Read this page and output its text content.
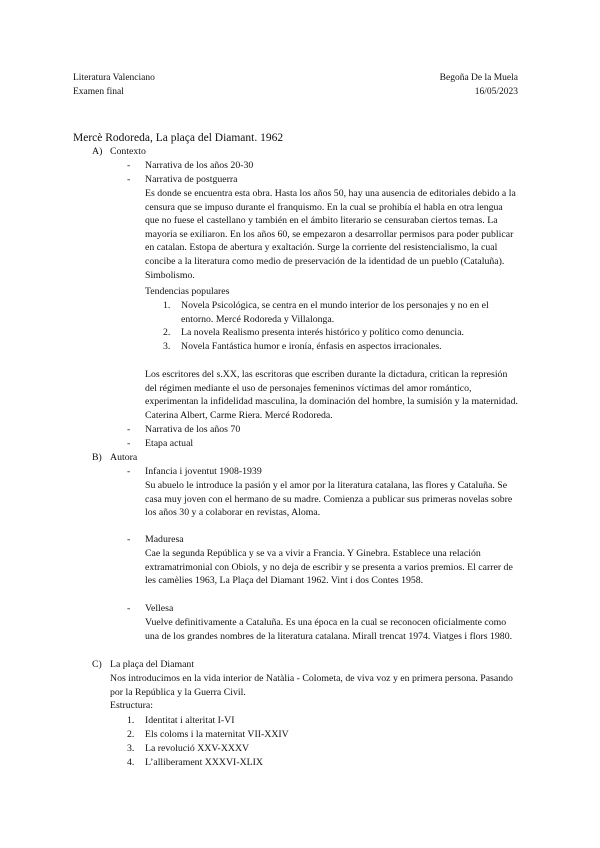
Literatura Valenciano
Examen final
Begoña De la Muela
16/05/2023
Mercè Rodoreda, La plaça del Diamant. 1962
A) Contexto
- Narrativa de los años 20-30
- Narrativa de postguerra
Es donde se encuentra esta obra. Hasta los años 50, hay una ausencia de editoriales debido a la
censura que se impuso durante el franquismo. En la cual se prohibía el habla en otra lengua
que no fuese el castellano y también en el ámbito literario se censuraban ciertos temas. La
mayoría se exiliaron. En los años 60, se empezaron a desarrollar permisos para poder publicar
en catalan. Estopa de abertura y exaltación. Surge la corriente del resistencialismo, la cual
concibe a la literatura como medio de preservación de la identidad de un pueblo (Cataluña).
Simbolismo.
Tendencias populares
1. Novela Psicológica, se centra en el mundo interior de los personajes y no en el
entorno. Mercé Rodoreda y Villalonga.
2. La novela Realismo presenta interés histórico y político como denuncia.
3. Novela Fantástica humor e ironía, énfasis en aspectos irracionales.
Los escritores del s.XX, las escritoras que escriben durante la dictadura, critican la represión
del régimen mediante el uso de personajes femeninos víctimas del amor romántico,
experimentan la infidelidad masculina, la dominación del hombre, la sumisión y la maternidad.
Caterina Albert, Carme Riera. Mercé Rodoreda.
- Narrativa de los años 70
- Etapa actual
B) Autora
- Infancia i joventut 1908-1939
Su abuelo le introduce la pasión y el amor por la literatura catalana, las flores y Cataluña. Se
casa muy joven con el hermano de su madre. Comienza a publicar sus primeras novelas sobre
los años 30 y a colaborar en revistas, Aloma.
- Maduresa
Cae la segunda República y se va a vivir a Francia. Y Ginebra. Establece una relación
extramatrimonial con Obiols, y no deja de escribir y se presenta a varios premios. El carrer de
les camèlies 1963, La Plaça del Diamant 1962. Vint i dos Contes 1958.
- Vellesa
Vuelve definitivamente a Cataluña. Es una época en la cual se reconocen oficialmente como
una de los grandes nombres de la literatura catalana. Mirall trencat 1974. Viatges i flors 1980.
C) La plaça del Diamant
Nos introducimos en la vida interior de Natàlia - Colometa, de viva voz y en primera persona. Pasando
por la República y la Guerra Civil.
Estructura:
1. Identitat i alteritat I-VI
2. Els coloms i la maternitat VII-XXIV
3. La revolució XXV-XXXV
4. L’alliberament XXXVI-XLIX
